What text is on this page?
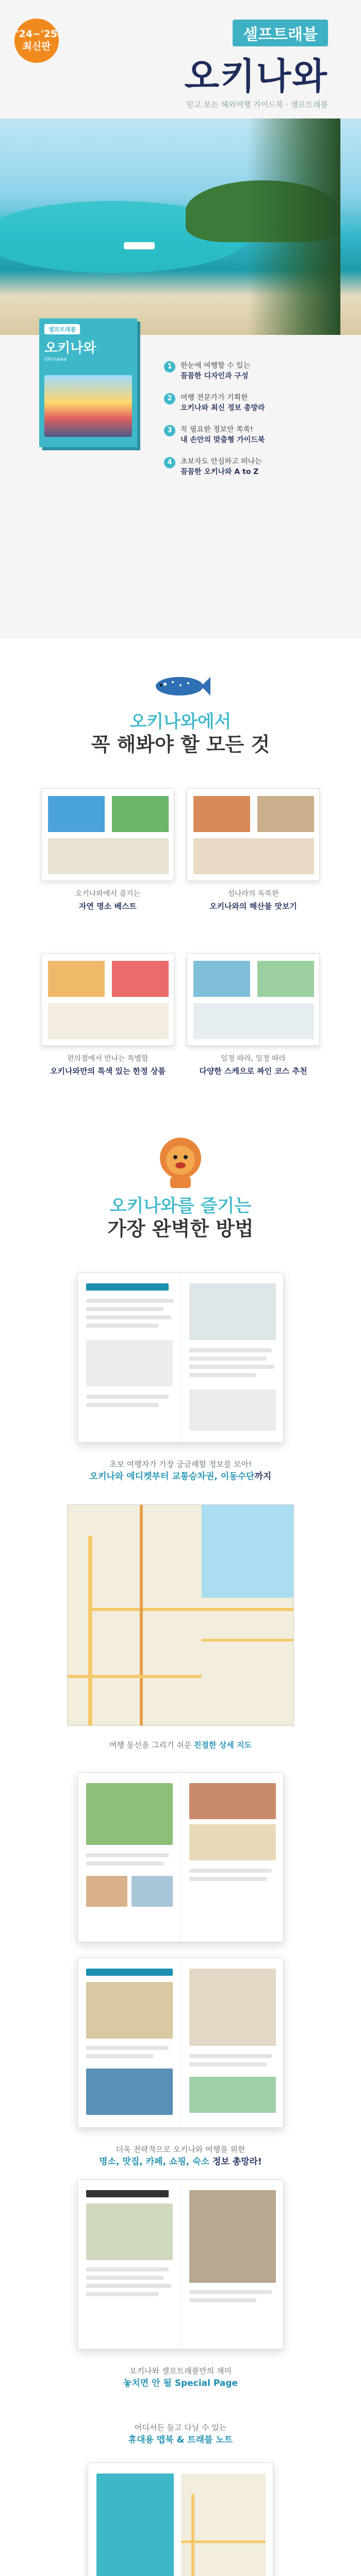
'24~'25
최신판
셀프트래블
오키나와
믿고 보는 해외여행 가이드북 · 셀프트래블
셀프트래블
오키나와
Okinawa
1	한눈에 여행할 수 있는
꼼꼼한 디자인과 구성
2	여행 전문가가 기획한
오키나와 최신 정보 총망라
3	꼭 필요한 정보만 쏙쏙!
내 손안의 맞춤형 가이드북
4	초보자도 안심하고 떠나는
꼼꼼한 오키나와 A to Z
오키나와에서
꼭 해봐야 할 모든 것
오키나와에서 즐기는
자연 명소 베스트
섬나라의 독특한
오키나와의 해산물 맛보기
편의점에서 만나는 특별함
오키나와만의 특색 있는 한정 상품
일정 따라, 일정 따라
다양한 스케으로 짜인 코스 추천
오키나와를 즐기는
가장 완벽한 방법
초보 여행자가 가장 궁금해할 정보를 모아!
오키나와 에디켓부터 교통승차권, 이동수단까지
여행 동선을 그리기 쉬운 친절한 상세 지도
더욱 전략적으로 오키나와 여행을 위한
명소, 맛집, 카페, 쇼핑, 숙소 정보 총망라!
오키나와 셀프트래블만의 재미
놓치면 안 될 Special Page
어디서든 들고 다닐 수 있는
휴대용 맵북 & 트래블 노트
